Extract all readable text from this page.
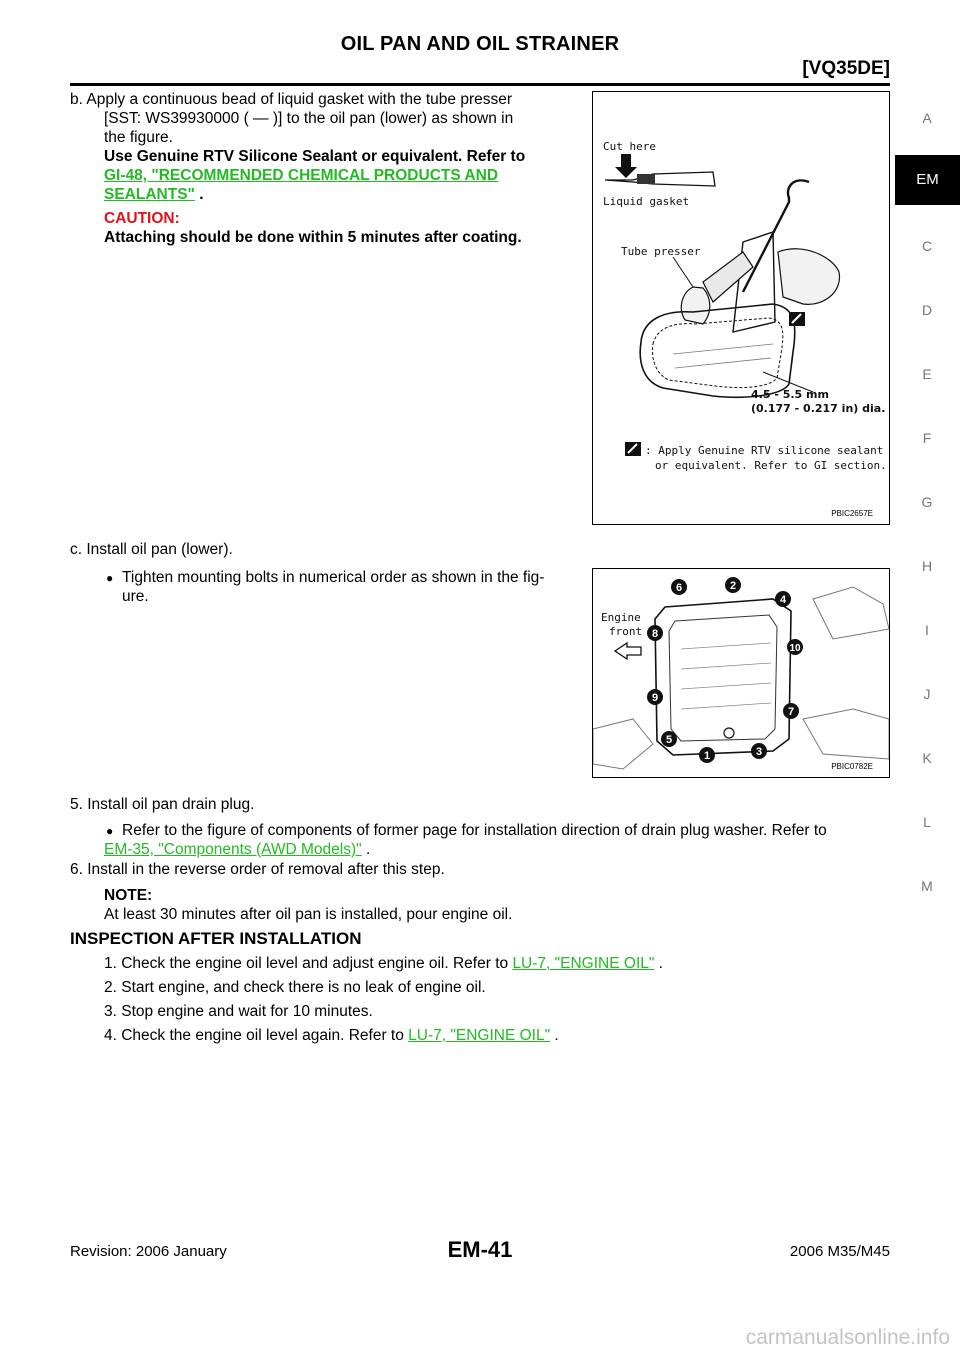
OIL PAN AND OIL STRAINER
[VQ35DE]
b. Apply a continuous bead of liquid gasket with the tube presser
[SST: WS39930000 ( — )] to the oil pan (lower) as shown in
the figure.
Use Genuine RTV Silicone Sealant or equivalent. Refer to
GI-48, "RECOMMENDED CHEMICAL PRODUCTS AND
SEALANTS" .
CAUTION:
Attaching should be done within 5 minutes after coating.
Cut here
Liquid gasket
Tube presser
4.5 - 5.5 mm
(0.177 - 0.217 in) dia.
: Apply Genuine RTV silicone sealant
or equivalent. Refer to GI section.
PBIC2657E
c. Install oil pan (lower).
● Tighten mounting bolts in numerical order as shown in the fig-
ure.
Engine
front
6	2
4
8
10
9
7
5
1	3
PBIC0782E
5. Install oil pan drain plug.
● Refer to the figure of components of former page for installation direction of drain plug washer. Refer to
EM-35, "Components (AWD Models)" .
6. Install in the reverse order of removal after this step.
NOTE:
At least 30 minutes after oil pan is installed, pour engine oil.
INSPECTION AFTER INSTALLATION
1. Check the engine oil level and adjust engine oil. Refer to LU-7, "ENGINE OIL" .
2. Start engine, and check there is no leak of engine oil.
3. Stop engine and wait for 10 minutes.
4. Check the engine oil level again. Refer to LU-7, "ENGINE OIL" .
A
EM
C
D
E
F
G
H
I
J
K
L
M
Revision: 2006 January	EM-41	2006 M35/M45
carmanualsonline.info
